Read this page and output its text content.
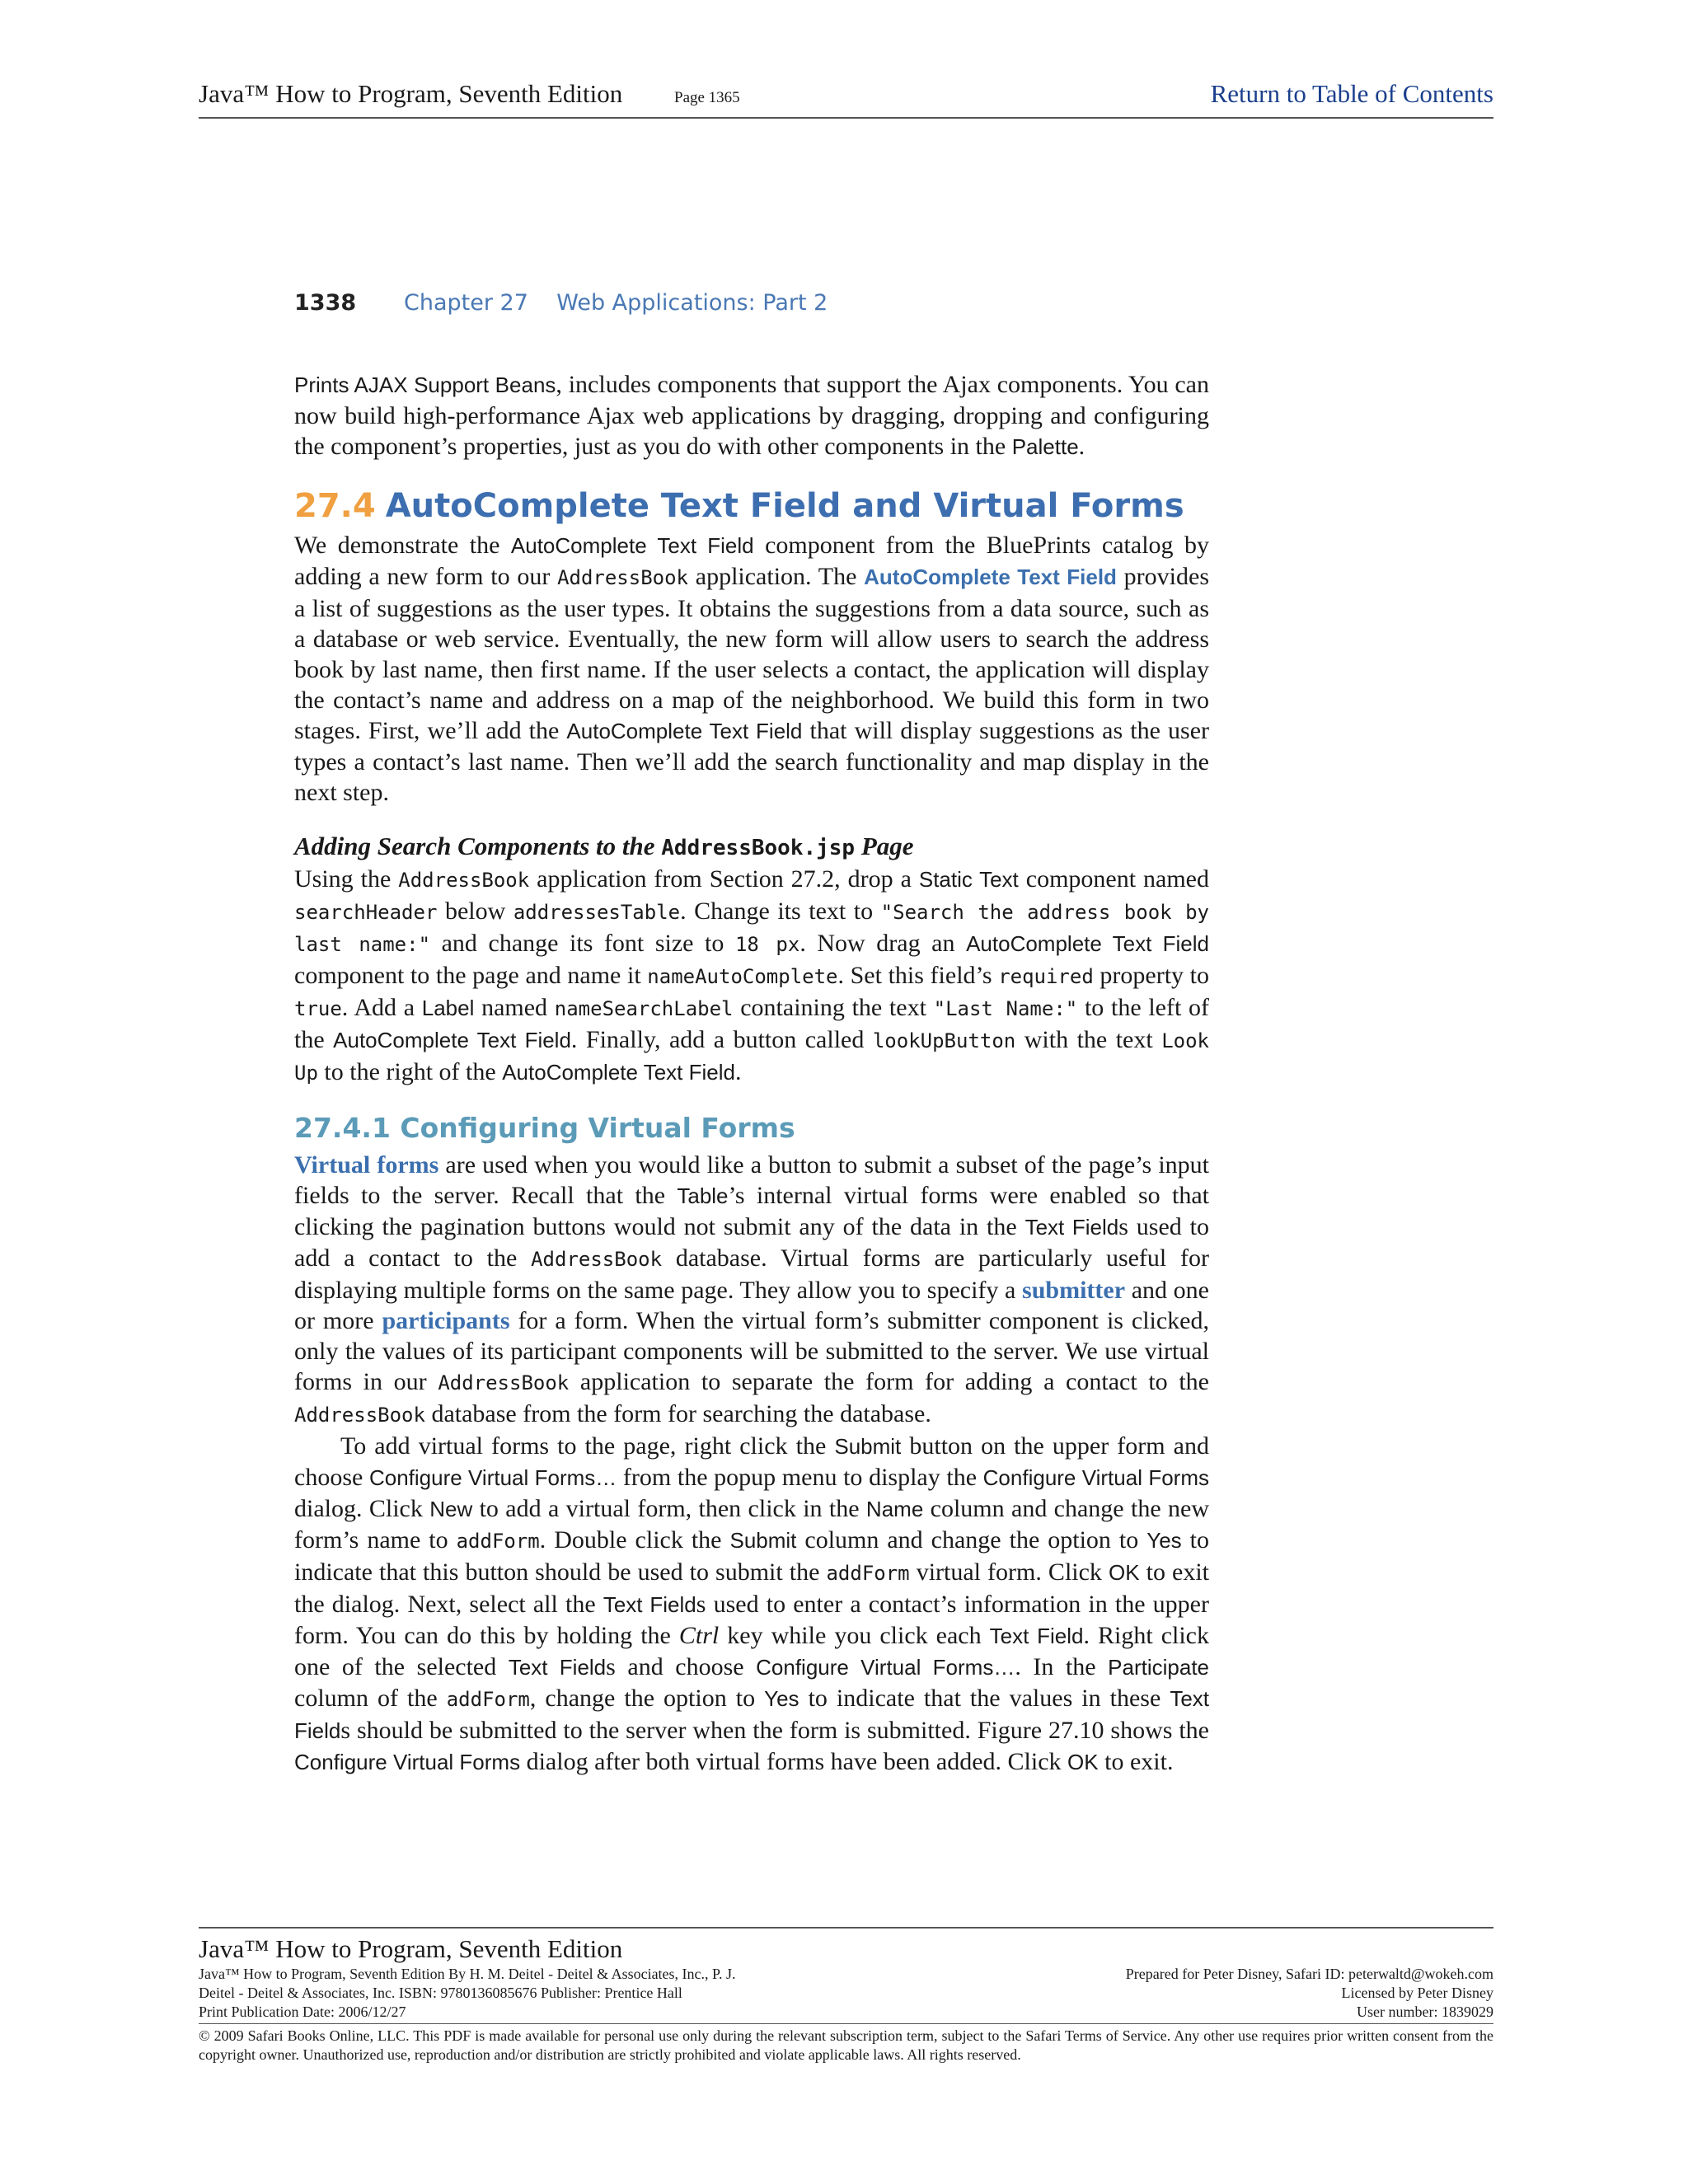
Java™ How to Program, Seventh Edition	Page 1365	Return to Table of Contents
1338 Chapter 27 Web Applications: Part 2

Prints AJAX Support Beans, includes components that support the Ajax components. You can now build high-performance Ajax web applications by dragging, dropping and configuring the component’s properties, just as you do with other components in the Palette.

27.4 AutoComplete Text Field and Virtual Forms

We demonstrate the AutoComplete Text Field component from the BluePrints catalog by adding a new form to our AddressBook application. The AutoComplete Text Field provides a list of suggestions as the user types. It obtains the suggestions from a data source, such as a database or web service. Eventually, the new form will allow users to search the address book by last name, then first name. If the user selects a contact, the application will display the contact’s name and address on a map of the neighborhood. We build this form in two stages. First, we’ll add the AutoComplete Text Field that will display suggestions as the user types a contact’s last name. Then we’ll add the search functionality and map display in the next step.

Adding Search Components to the AddressBook.jsp Page

Using the AddressBook application from Section 27.2, drop a Static Text component named searchHeader below addressesTable. Change its text to "Search the address book by last name:" and change its font size to 18 px. Now drag an AutoComplete Text Field component to the page and name it nameAutoComplete. Set this field’s required property to true. Add a Label named nameSearchLabel containing the text "Last Name:" to the left of the AutoComplete Text Field. Finally, add a button called lookUpButton with the text Look Up to the right of the AutoComplete Text Field.

27.4.1 Configuring Virtual Forms

Virtual forms are used when you would like a button to submit a subset of the page’s input fields to the server. Recall that the Table’s internal virtual forms were enabled so that clicking the pagination buttons would not submit any of the data in the Text Fields used to add a contact to the AddressBook database. Virtual forms are particularly useful for displaying multiple forms on the same page. They allow you to specify a submitter and one or more participants for a form. When the virtual form’s submitter component is clicked, only the values of its participant components will be submitted to the server. We use virtual forms in our AddressBook application to separate the form for adding a contact to the AddressBook database from the form for searching the database.

To add virtual forms to the page, right click the Submit button on the upper form and choose Configure Virtual Forms… from the popup menu to display the Configure Virtual Forms dialog. Click New to add a virtual form, then click in the Name column and change the new form’s name to addForm. Double click the Submit column and change the option to Yes to indicate that this button should be used to submit the addForm virtual form. Click OK to exit the dialog. Next, select all the Text Fields used to enter a contact’s information in the upper form. You can do this by holding the Ctrl key while you click each Text Field. Right click one of the selected Text Fields and choose Configure Virtual Forms…. In the Participate column of the addForm, change the option to Yes to indicate that the values in these Text Fields should be submitted to the server when the form is submitted. Figure 27.10 shows the Configure Virtual Forms dialog after both virtual forms have been added. Click OK to exit.

Java™ How to Program, Seventh Edition
Java™ How to Program, Seventh Edition By H. M. Deitel - Deitel & Associates, Inc., P. J.	Prepared for Peter Disney, Safari ID: peterwaltd@wokeh.com
Deitel - Deitel & Associates, Inc. ISBN: 9780136085676 Publisher: Prentice Hall	Licensed by Peter Disney
Print Publication Date: 2006/12/27	User number: 1839029
© 2009 Safari Books Online, LLC. This PDF is made available for personal use only during the relevant subscription term, subject to the Safari Terms of Service. Any other use requires prior written consent from the copyright owner. Unauthorized use, reproduction and/or distribution are strictly prohibited and violate applicable laws. All rights reserved.
